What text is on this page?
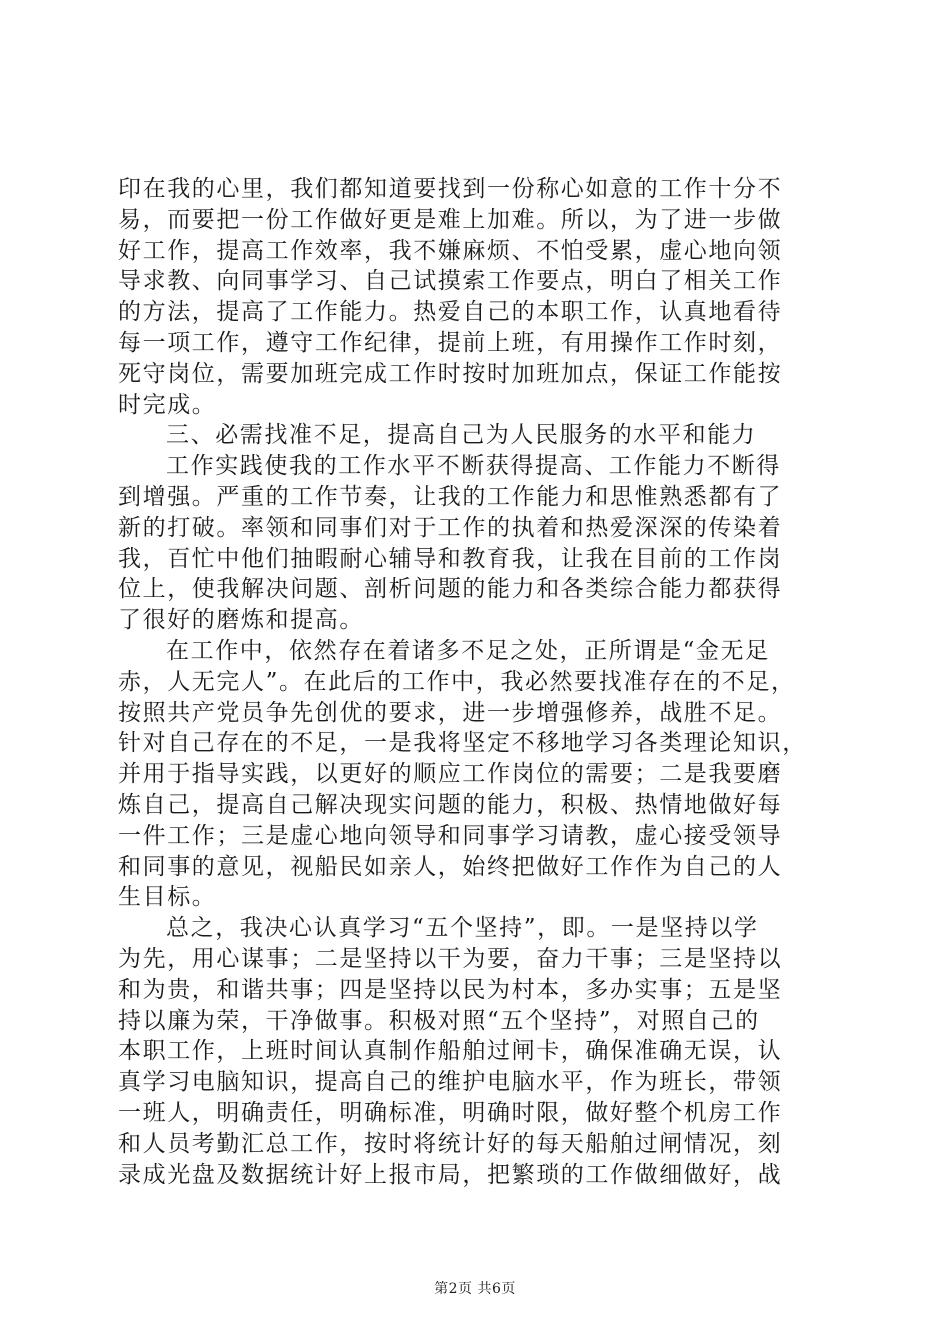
印在我的心里，我们都知道要找到一份称心如意的工作十分不
易，而要把一份工作做好更是难上加难。所以，为了进一步做
好工作，提高工作效率，我不嫌麻烦、不怕受累，虚心地向领
导求教、向同事学习、自己试摸索工作要点，明白了相关工作
的方法，提高了工作能力。热爱自己的本职工作，认真地看待
每一项工作，遵守工作纪律，提前上班，有用操作工作时刻，
死守岗位，需要加班完成工作时按时加班加点，保证工作能按
时完成。
三、必需找准不足，提高自己为人民服务的水平和能力
工作实践使我的工作水平不断获得提高、工作能力不断得
到增强。严重的工作节奏，让我的工作能力和思惟熟悉都有了
新的打破。率领和同事们对于工作的执着和热爱深深的传染着
我，百忙中他们抽暇耐心辅导和教育我，让我在目前的工作岗
位上，使我解决问题、剖析问题的能力和各类综合能力都获得
了很好的磨炼和提高。
在工作中，依然存在着诸多不足之处，正所谓是“金无足
赤，人无完人”。在此后的工作中，我必然要找准存在的不足，
按照共产党员争先创优的要求，进一步增强修养，战胜不足。
针对自己存在的不足，一是我将坚定不移地学习各类理论知识，
并用于指导实践，以更好的顺应工作岗位的需要；二是我要磨
炼自己，提高自己解决现实问题的能力，积极、热情地做好每
一件工作；三是虚心地向领导和同事学习请教，虚心接受领导
和同事的意见，视船民如亲人，始终把做好工作作为自己的人
生目标。
总之，我决心认真学习“五个坚持”，即。一是坚持以学
为先，用心谋事；二是坚持以干为要，奋力干事；三是坚持以
和为贵，和谐共事；四是坚持以民为村本，多办实事；五是坚
持以廉为荣，干净做事。积极对照“五个坚持”，对照自己的
本职工作，上班时间认真制作船舶过闸卡，确保准确无误，认
真学习电脑知识，提高自己的维护电脑水平，作为班长，带领
一班人，明确责任，明确标准，明确时限，做好整个机房工作
和人员考勤汇总工作，按时将统计好的每天船舶过闸情况，刻
录成光盘及数据统计好上报市局，把繁琐的工作做细做好，战
第2页 共6页
